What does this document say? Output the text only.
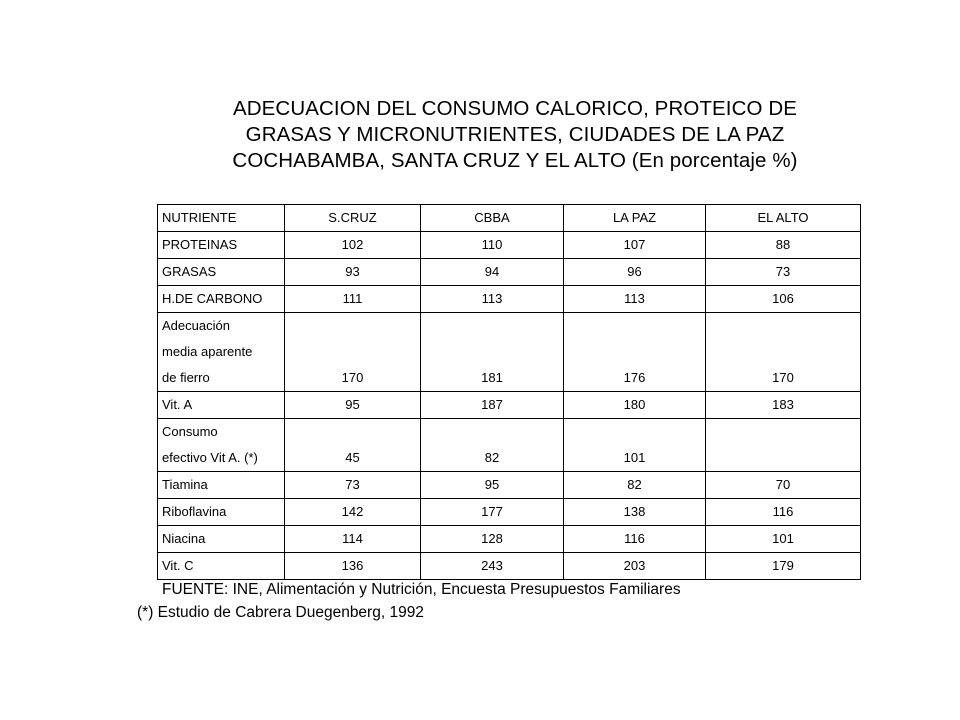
ADECUACION DEL CONSUMO CALORICO, PROTEICO DE
GRASAS Y MICRONUTRIENTES, CIUDADES DE LA PAZ
COCHABAMBA, SANTA CRUZ Y EL ALTO (En porcentaje %)
NUTRIENTE	S.CRUZ	CBBA	LA PAZ	EL ALTO

PROTEINAS	102	110	107	88

GRASAS	93	94	96	73

H.DE CARBONO	111	113	113	106

Adecuación
media aparente
de fierro	170	181	176	170

Vit. A	95	187	180	183

Consumo
efectivo Vit A. (*)	45	82	101	

Tiamina	73	95	82	70

Riboflavina	142	177	138	116

Niacina	114	128	116	101

Vit. C	136	243	203	179
FUENTE: INE, Alimentación y Nutrición, Encuesta Presupuestos Familiares
(*) Estudio de Cabrera Duegenberg, 1992
